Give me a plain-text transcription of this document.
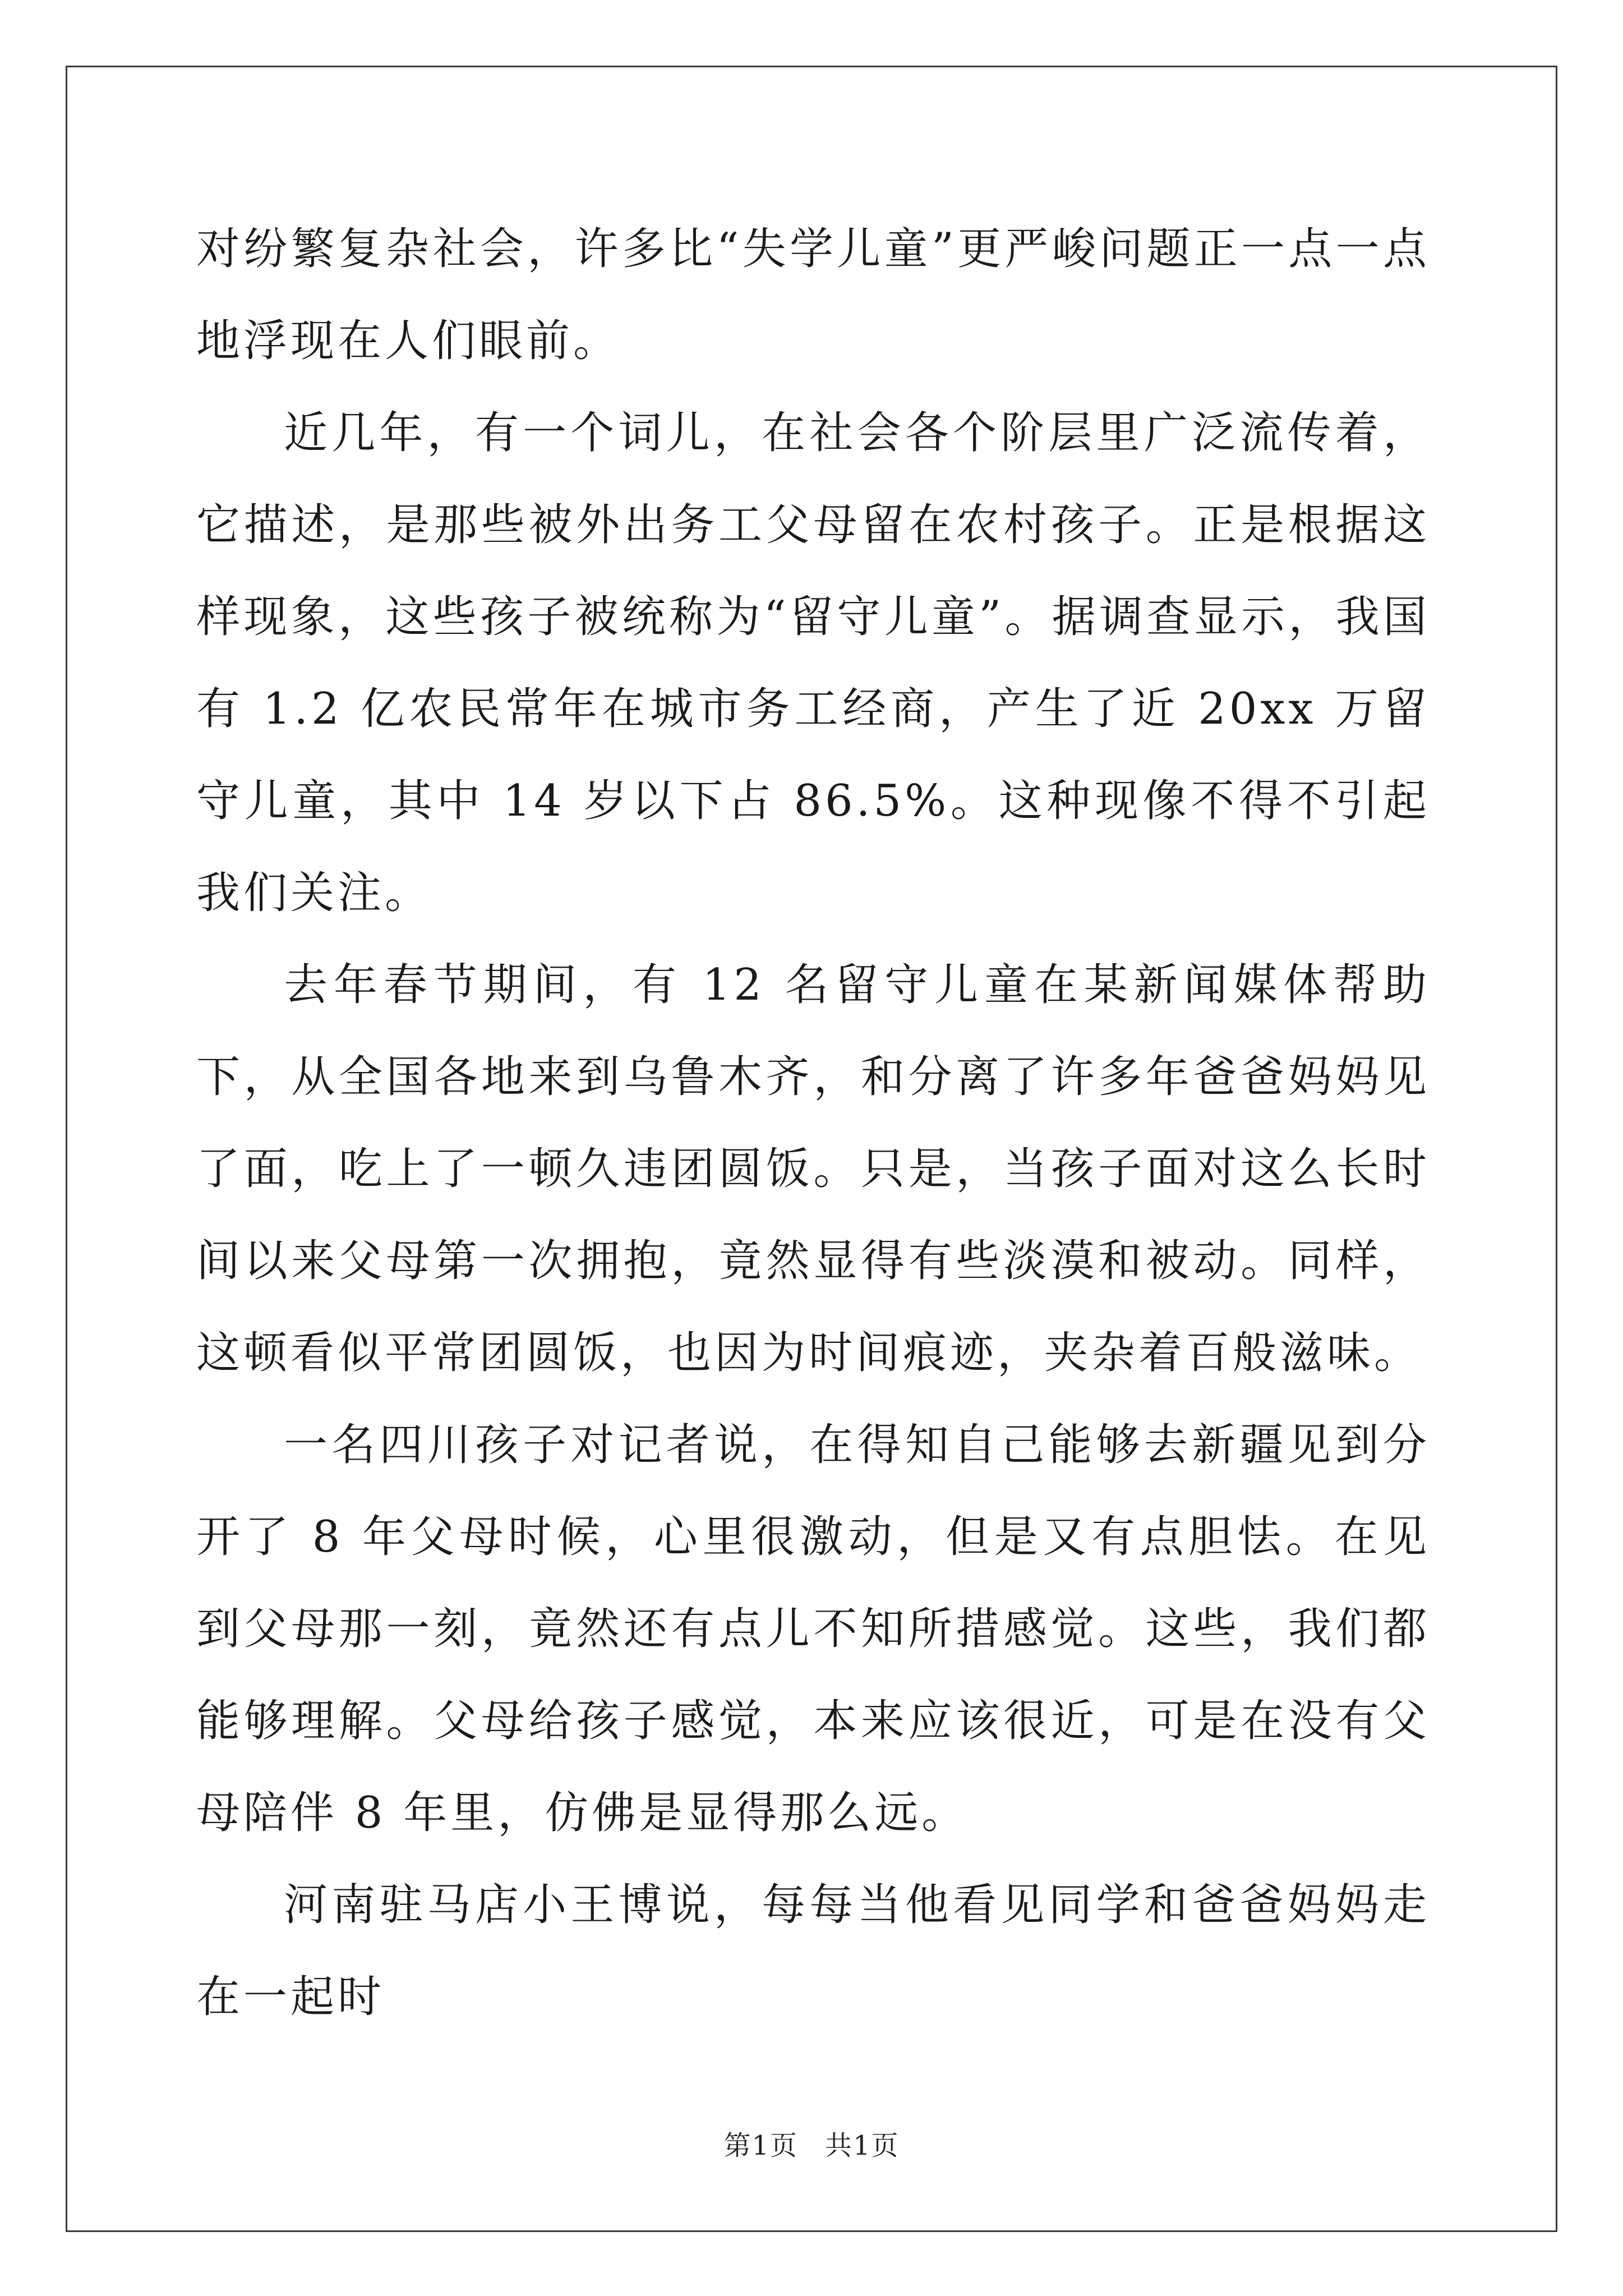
对纷繁复杂社会，许多比“失学儿童”更严峻问题正一点一点地浮现在人们眼前。

近几年，有一个词儿，在社会各个阶层里广泛流传着，它描述，是那些被外出务工父母留在农村孩子。正是根据这样现象，这些孩子被统称为“留守儿童”。据调查显示，我国有 1.2 亿农民常年在城市务工经商，产生了近 20xx 万留守儿童，其中 14 岁以下占 86.5%。这种现像不得不引起我们关注。

去年春节期间，有 12 名留守儿童在某新闻媒体帮助下，从全国各地来到乌鲁木齐，和分离了许多年爸爸妈妈见了面，吃上了一顿久违团圆饭。只是，当孩子面对这么长时间以来父母第一次拥抱，竟然显得有些淡漠和被动。同样，这顿看似平常团圆饭，也因为时间痕迹，夹杂着百般滋味。

一名四川孩子对记者说，在得知自己能够去新疆见到分开了 8 年父母时候，心里很激动，但是又有点胆怯。在见到父母那一刻，竟然还有点儿不知所措感觉。这些，我们都能够理解。父母给孩子感觉，本来应该很近，可是在没有父母陪伴 8 年里，仿佛是显得那么远。

河南驻马店小王博说，每每当他看见同学和爸爸妈妈走在一起时

第1页 共1页
